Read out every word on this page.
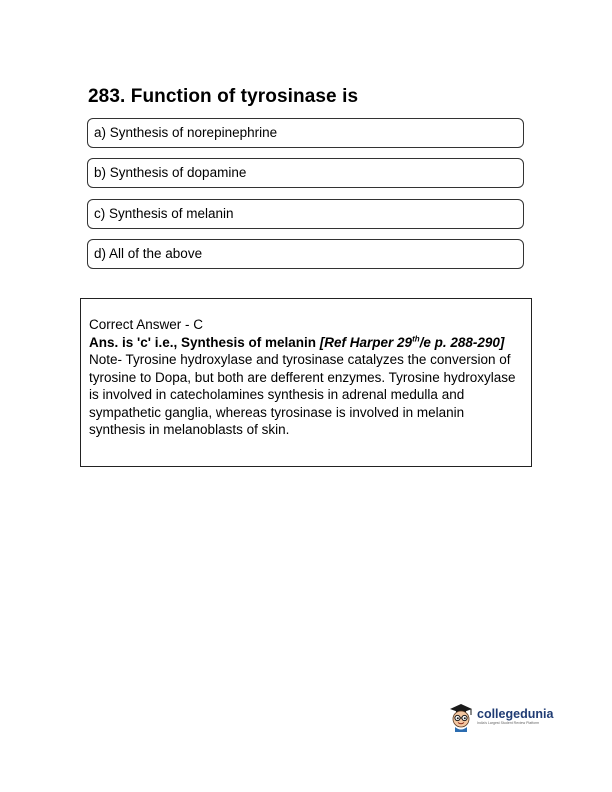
283. Function of tyrosinase is
a) Synthesis of norepinephrine
b) Synthesis of dopamine
c) Synthesis of melanin
d) All of the above

Correct Answer - C

Ans. is 'c' i.e., Synthesis of melanin [Ref Harper 29th/e p. 288-290]

Note- Tyrosine hydroxylase and tyrosinase catalyzes the conversion of tyrosine to Dopa, but both are defferent enzymes. Tyrosine hydroxylase is involved in catecholamines synthesis in adrenal medulla and sympathetic ganglia, whereas tyrosinase is involved in melanin synthesis in melanoblasts of skin.

collegedunia
India's Largest Student Review Platform
